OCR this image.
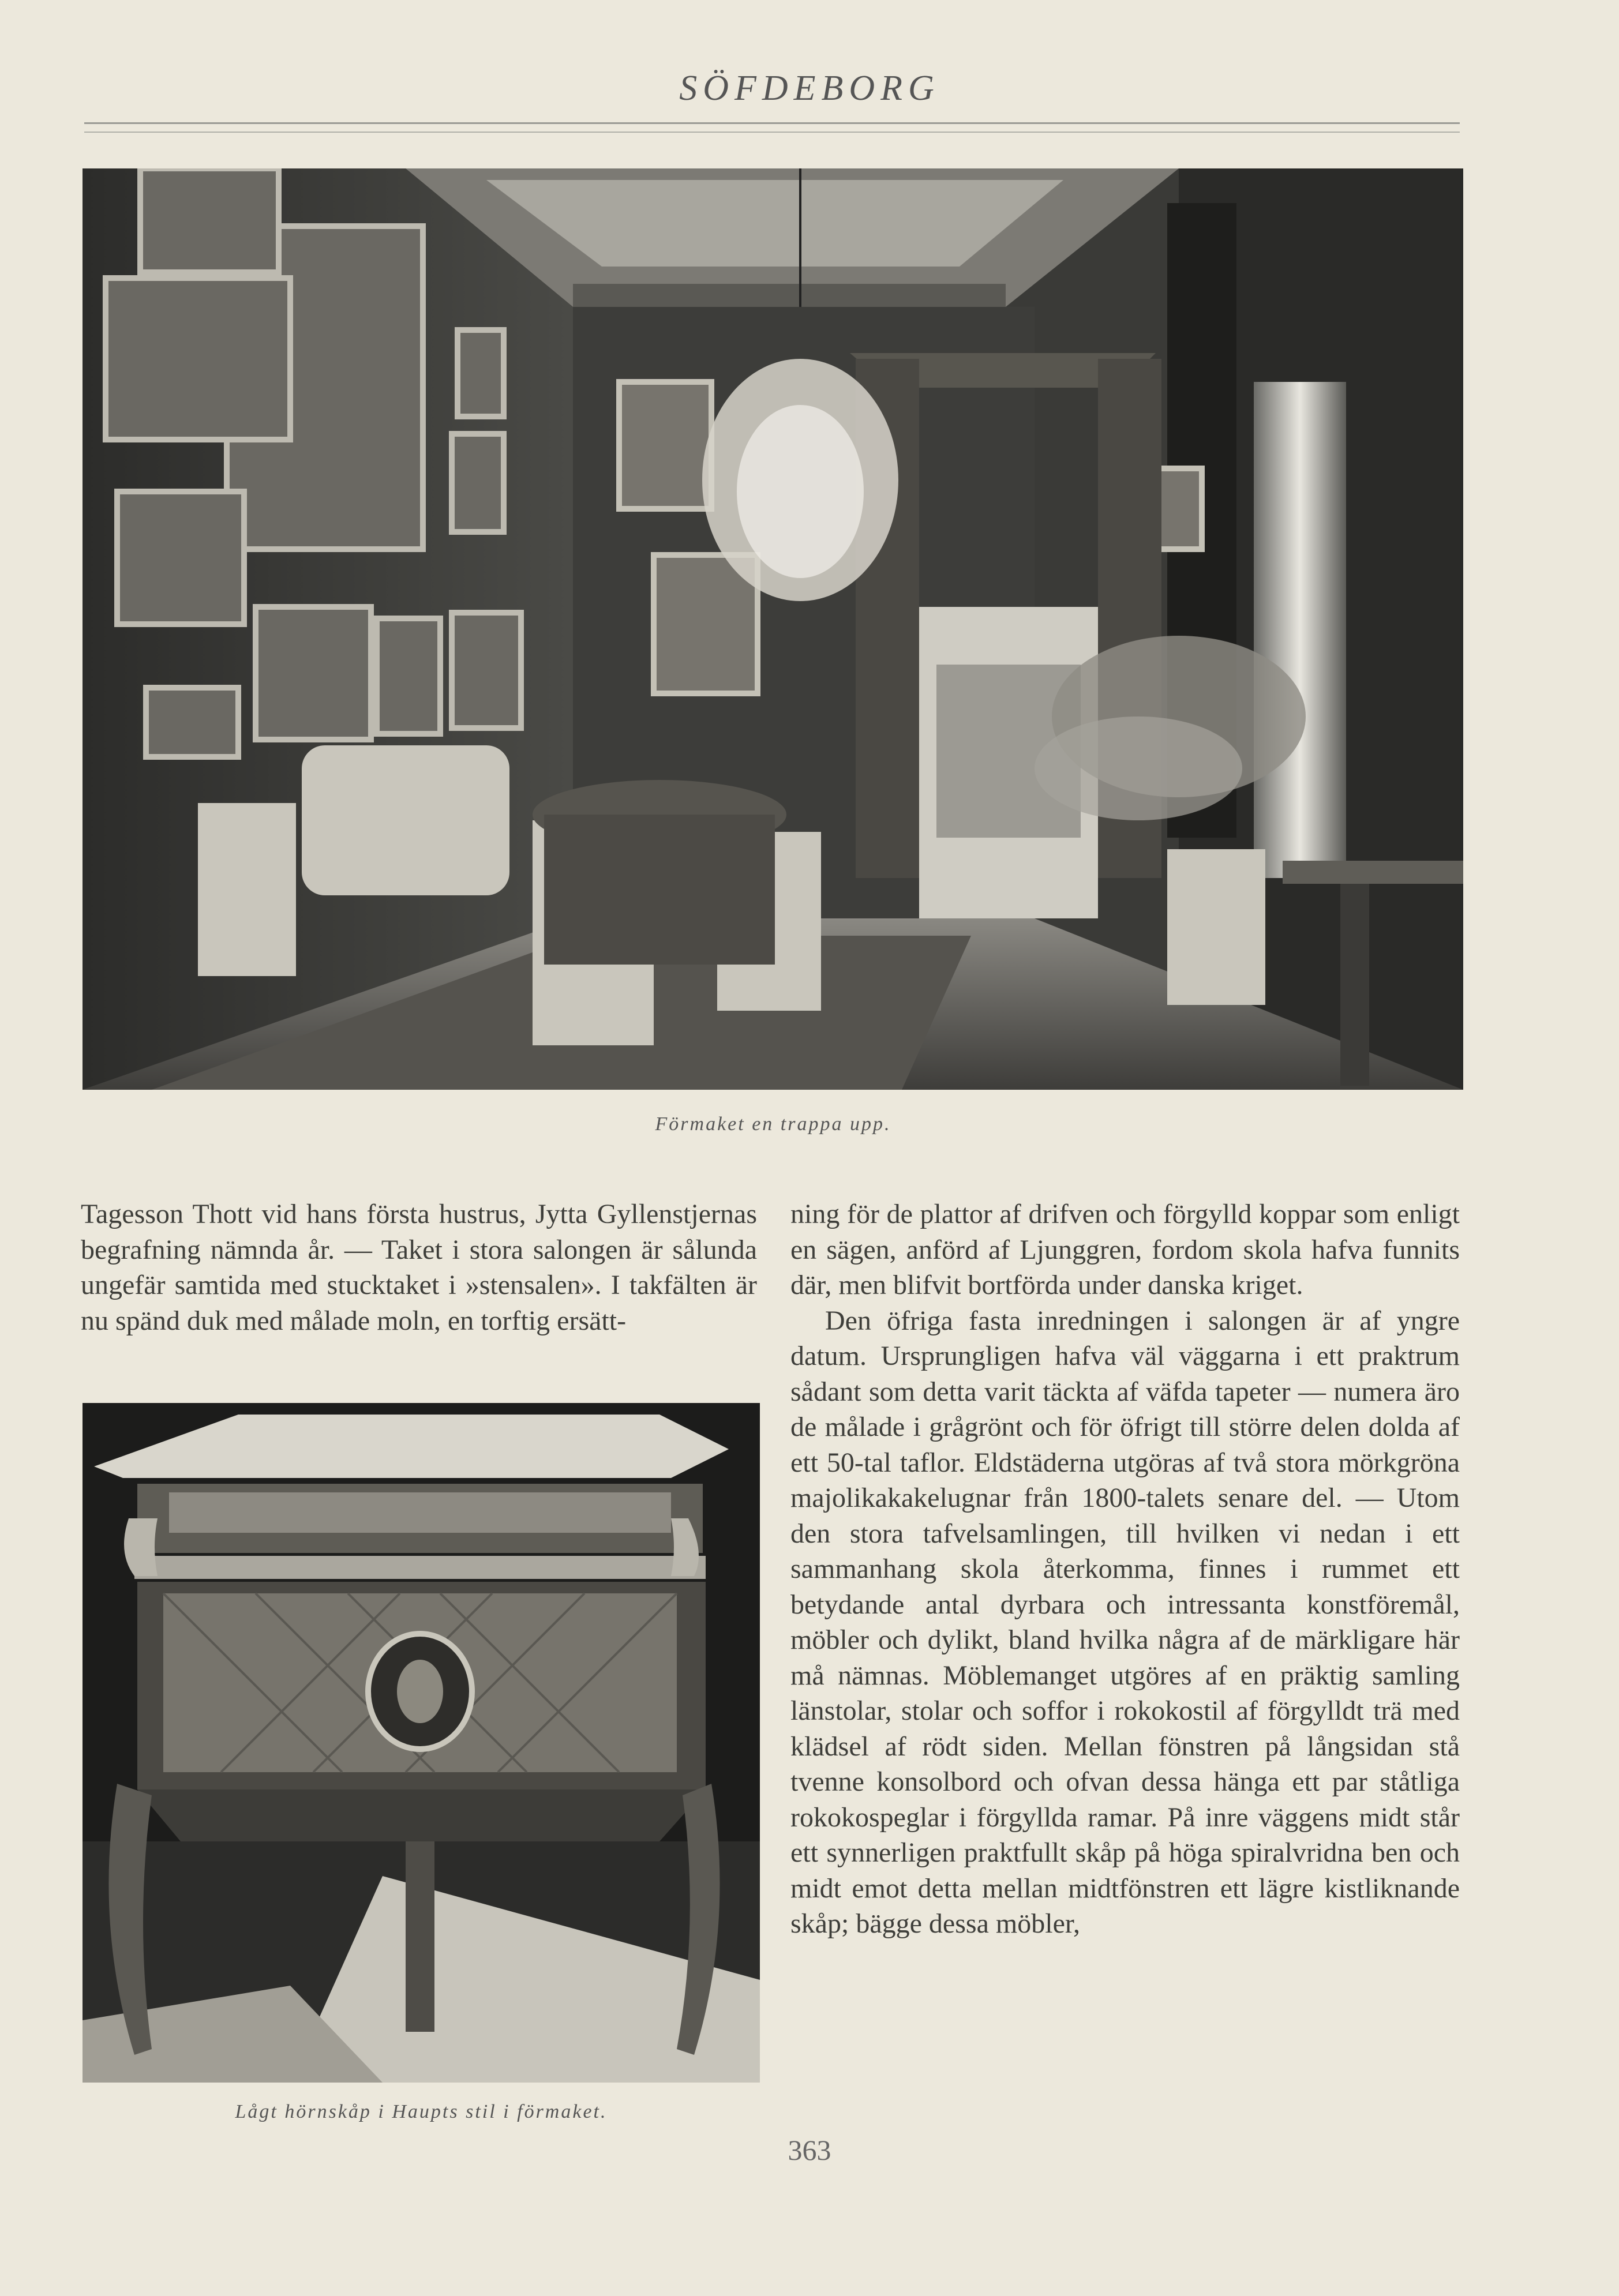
SÖFDEBORG
Förmaket en trappa upp.
Lågt hörnskåp i Haupts stil i förmaket.

Tagesson Thott vid hans första hustrus, Jytta Gyllenstjernas begrafning nämnda år. — Taket i stora salongen är sålunda ungefär samtida med stucktaket i »stensalen». I takfälten är nu spänd duk med målade moln, en torftig ersätt-

ning för de plattor af drifven och förgylld koppar som enligt en sägen, anförd af Ljunggren, fordom skola hafva funnits där, men blifvit bortförda under danska kriget.

Den öfriga fasta inredningen i salongen är af yngre datum. Ursprungligen hafva väl väggarna i ett praktrum sådant som detta varit täckta af väfda tapeter — numera äro de målade i grågrönt och för öfrigt till större delen dolda af ett 50-tal taflor. Eldstäderna utgöras af två stora mörkgröna majolikakakelugnar från 1800-talets senare del. — Utom den stora tafvelsamlingen, till hvilken vi nedan i ett sammanhang skola återkomma, finnes i rummet ett betydande antal dyrbara och intressanta konstföremål, möbler och dylikt, bland hvilka några af de märkligare här må nämnas. Möblemanget utgöres af en präktig samling länstolar, stolar och soffor i rokokostil af förgylldt trä med klädsel af rödt siden. Mellan fönstren på långsidan stå tvenne konsolbord och ofvan dessa hänga ett par ståtliga rokokospeglar i förgyllda ramar. På inre väggens midt står ett synnerligen praktfullt skåp på höga spiralvridna ben och midt emot detta mellan midtfönstren ett lägre kistliknande skåp; bägge dessa möbler,

363
